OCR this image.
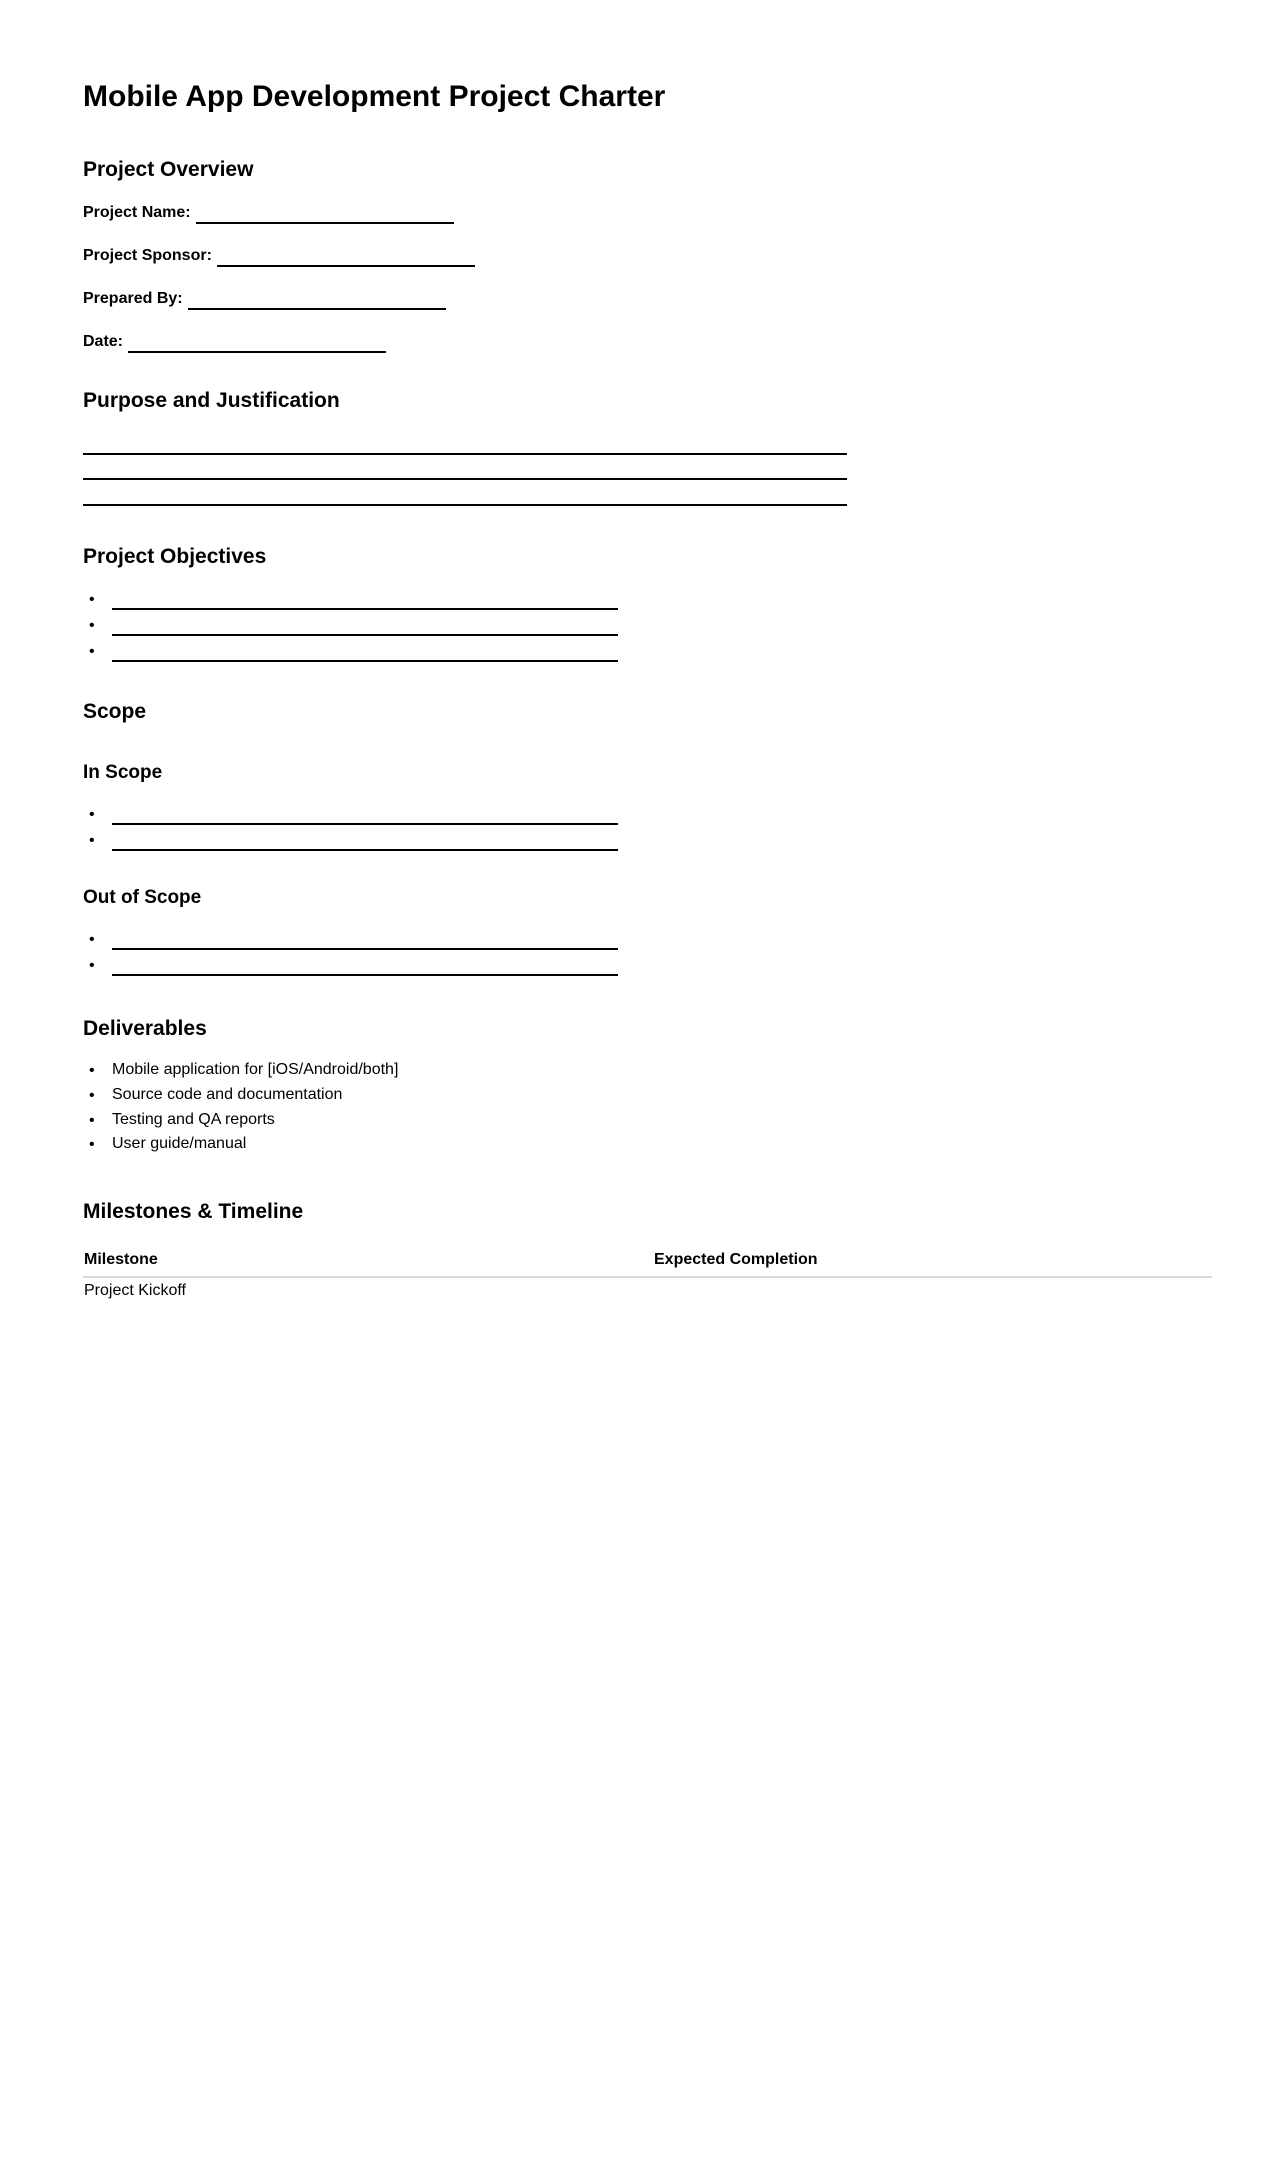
Mobile App Development Project Charter
Project Overview
Project Name:
Project Sponsor:
Prepared By:
Date:
Purpose and Justification
Project Objectives
•
•
•
Scope
In Scope
•
•
Out of Scope
•
•
Deliverables
•	Mobile application for [iOS/Android/both]
•	Source code and documentation
•	Testing and QA reports
•	User guide/manual
Milestones & Timeline
Milestone	Expected Completion
Project Kickoff
